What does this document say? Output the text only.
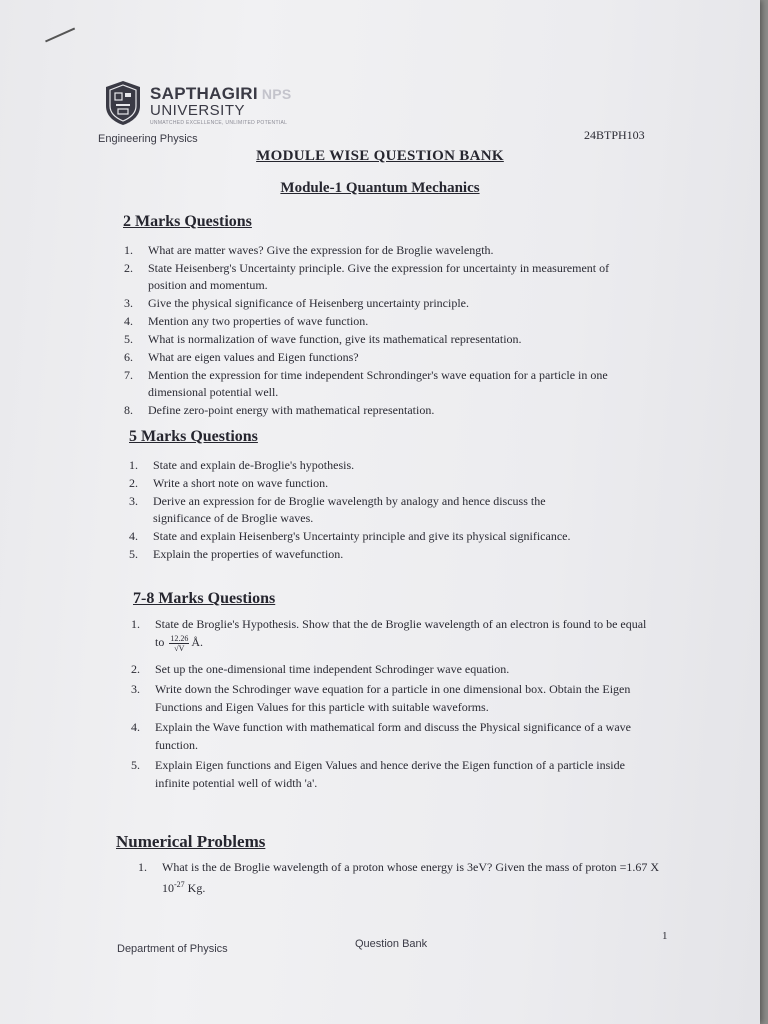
SAPTHAGIRI NPS
UNIVERSITY
UNMATCHED EXCELLENCE, UNLIMITED POTENTIAL
Engineering Physics	24BTPH103
MODULE WISE QUESTION BANK
Module-1 Quantum Mechanics
2 Marks Questions
1. What are matter waves? Give the expression for de Broglie wavelength.
2. State Heisenberg's Uncertainty principle. Give the expression for uncertainty in measurement of position and momentum.
3. Give the physical significance of Heisenberg uncertainty principle.
4. Mention any two properties of wave function.
5. What is normalization of wave function, give its mathematical representation.
6. What are eigen values and Eigen functions?
7. Mention the expression for time independent Schrondinger's wave equation for a particle in one dimensional potential well.
8. Define zero-point energy with mathematical representation.
5 Marks Questions
1. State and explain de-Broglie's hypothesis.
2. Write a short note on wave function.
3. Derive an expression for de Broglie wavelength by analogy and hence discuss the significance of de Broglie waves.
4. State and explain Heisenberg's Uncertainty principle and give its physical significance.
5. Explain the properties of wavefunction.
7-8 Marks Questions
1. State de Broglie's Hypothesis. Show that the de Broglie wavelength of an electron is found to be equal to $\frac{12.26}{√V}$ Å.
2. Set up the one-dimensional time independent Schrodinger wave equation.
3. Write down the Schrodinger wave equation for a particle in one dimensional box. Obtain the Eigen Functions and Eigen Values for this particle with suitable waveforms.
4. Explain the Wave function with mathematical form and discuss the Physical significance of a wave function.
5. Explain Eigen functions and Eigen Values and hence derive the Eigen function of a particle inside infinite potential well of width 'a'.
Numerical Problems
1. What is the de Broglie wavelength of a proton whose energy is 3eV? Given the mass of proton =1.67 X $10^{-27}$ Kg.
Department of Physics	Question Bank
1
